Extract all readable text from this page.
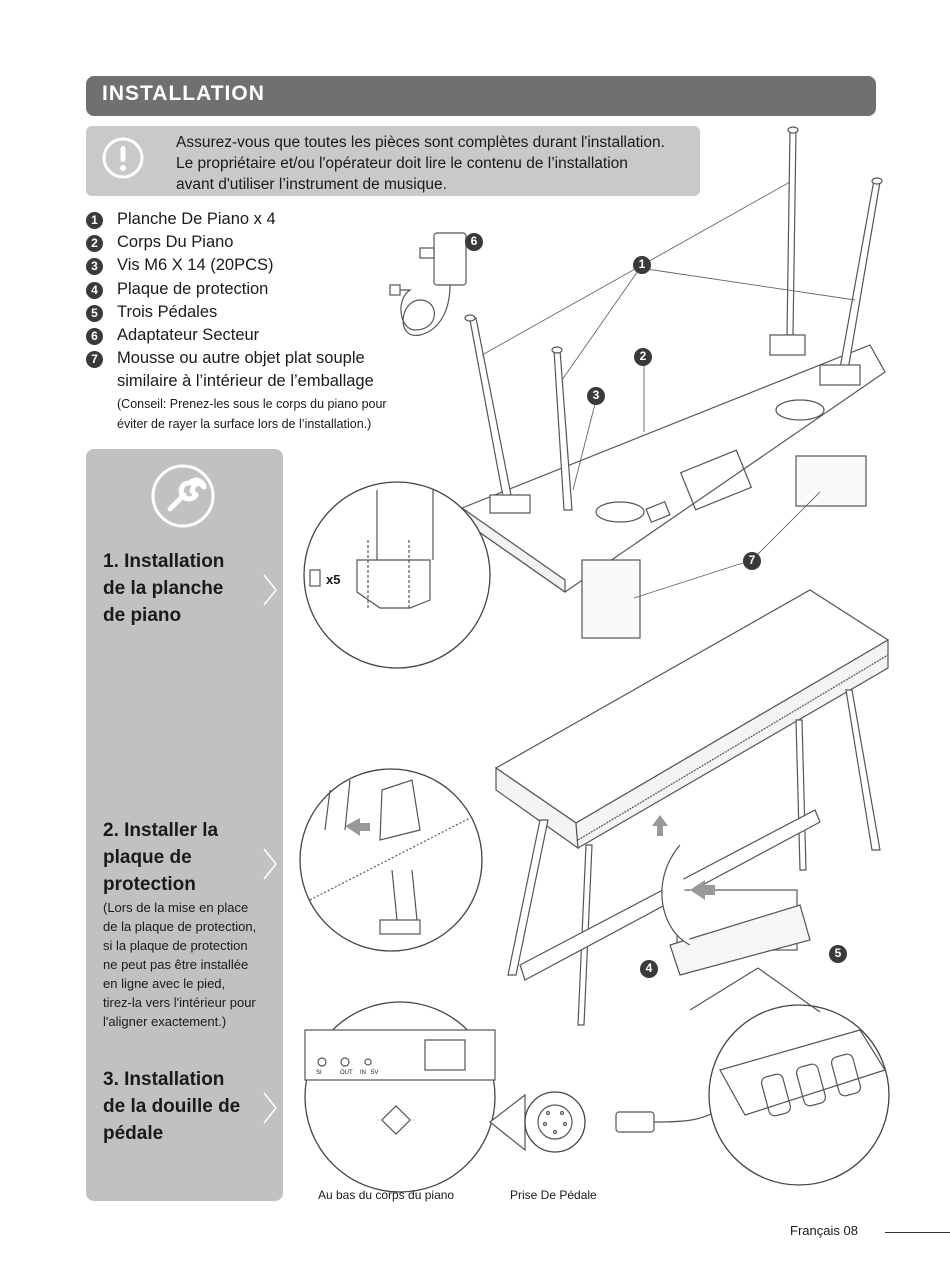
INSTALLATION
Assurez-vous que toutes les pièces sont complètes durant l'installation.
Le propriétaire et/ou l'opérateur doit lire le contenu de l’installation
avant d'utiliser l’instrument de musique.
1	Planche De Piano x 4
2	Corps Du Piano
3	Vis M6 X 14 (20PCS)
4	Plaque de protection
5	Trois Pédales
6	Adaptateur Secteur
7	Mousse ou autre objet plat souple
similaire à l’intérieur de l’emballage
(Conseil: Prenez-les sous le corps du piano pour
éviter de rayer la surface lors de l’installation.)
1. Installation
de la planche
de piano
2. Installer la
plaque de
protection
(Lors de la mise en place
de la plaque de protection,
si la plaque de protection
ne peut pas être installée
en ligne avec le pied,
tirez-la vers l'intérieur pour
l'aligner exactement.)
3. Installation
de la douille de
pédale
6
1
2
3
7
4
5
x5
SI	OUT IN 5V
Au bas du corps du piano	Prise De Pédale
Français 08
